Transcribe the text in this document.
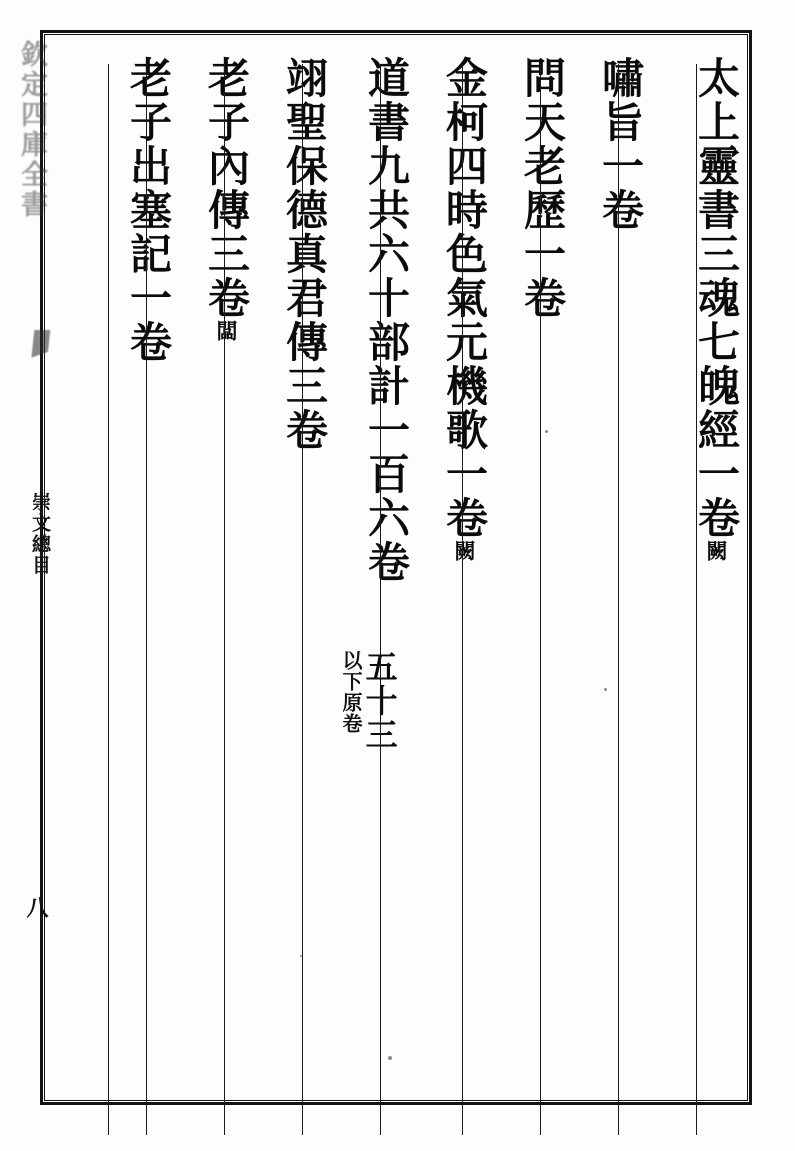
太上靈書三魂七魄經一卷闕
嘯旨一卷
問天老歷一卷
金柯四時色氣元機歌一卷闕
道書九共六十部計一百六卷
以下原卷
五十三
翊聖保德真君傳三卷
老子內傳三卷闆
老子出塞記一卷
欽定四庫全書
崇文總目
八
